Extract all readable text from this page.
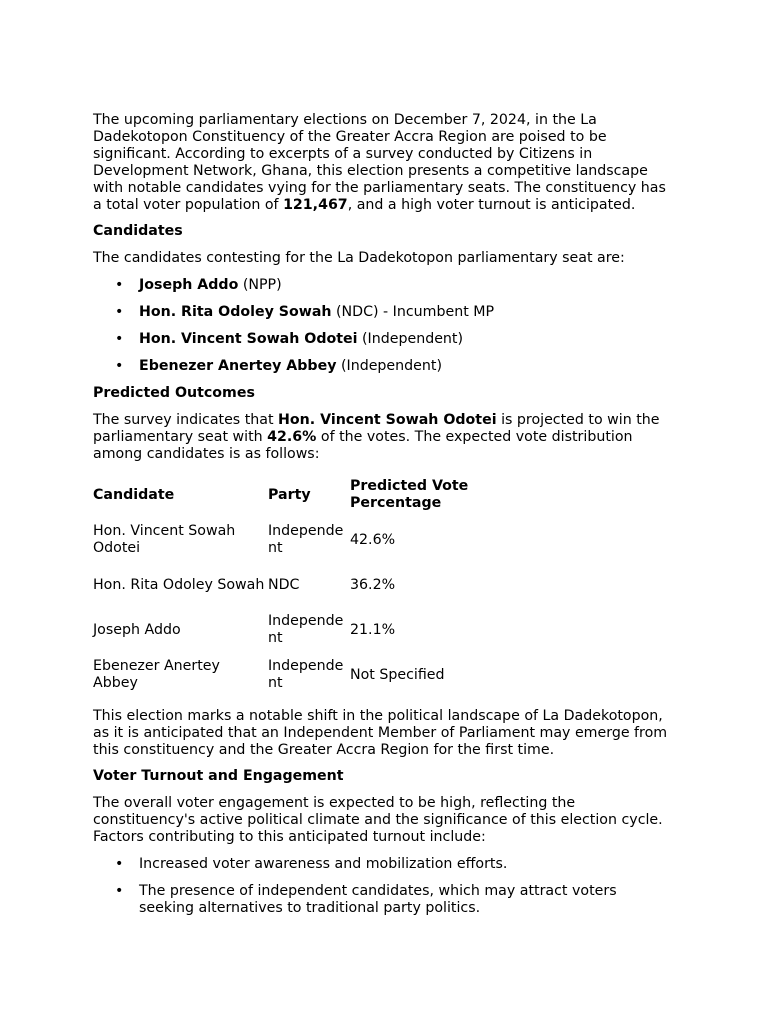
The upcoming parliamentary elections on December 7, 2024, in the La Dadekotopon Constituency of the Greater Accra Region are poised to be significant. According to excerpts of a survey conducted by Citizens in Development Network, Ghana, this election presents a competitive landscape with notable candidates vying for the parliamentary seats. The constituency has a total voter population of 121,467, and a high voter turnout is anticipated.

Candidates

The candidates contesting for the La Dadekotopon parliamentary seat are:

• Joseph Addo (NPP)
• Hon. Rita Odoley Sowah (NDC) - Incumbent MP
• Hon. Vincent Sowah Odotei (Independent)
• Ebenezer Anertey Abbey (Independent)
Predicted Outcomes

The survey indicates that Hon. Vincent Sowah Odotei is projected to win the parliamentary seat with 42.6% of the votes. The expected vote distribution among candidates is as follows:

Candidate	Party	Predicted Vote Percentage
Hon. Vincent Sowah Odotei	Independent	42.6%
Hon. Rita Odoley Sowah	NDC	36.2%
Joseph Addo	Independent	21.1%
Ebenezer Anertey Abbey	Independent	Not Specified

This election marks a notable shift in the political landscape of La Dadekotopon, as it is anticipated that an Independent Member of Parliament may emerge from this constituency and the Greater Accra Region for the first time.

Voter Turnout and Engagement

The overall voter engagement is expected to be high, reflecting the constituency's active political climate and the significance of this election cycle. Factors contributing to this anticipated turnout include:

• Increased voter awareness and mobilization efforts.
• The presence of independent candidates, which may attract voters seeking alternatives to traditional party politics.
